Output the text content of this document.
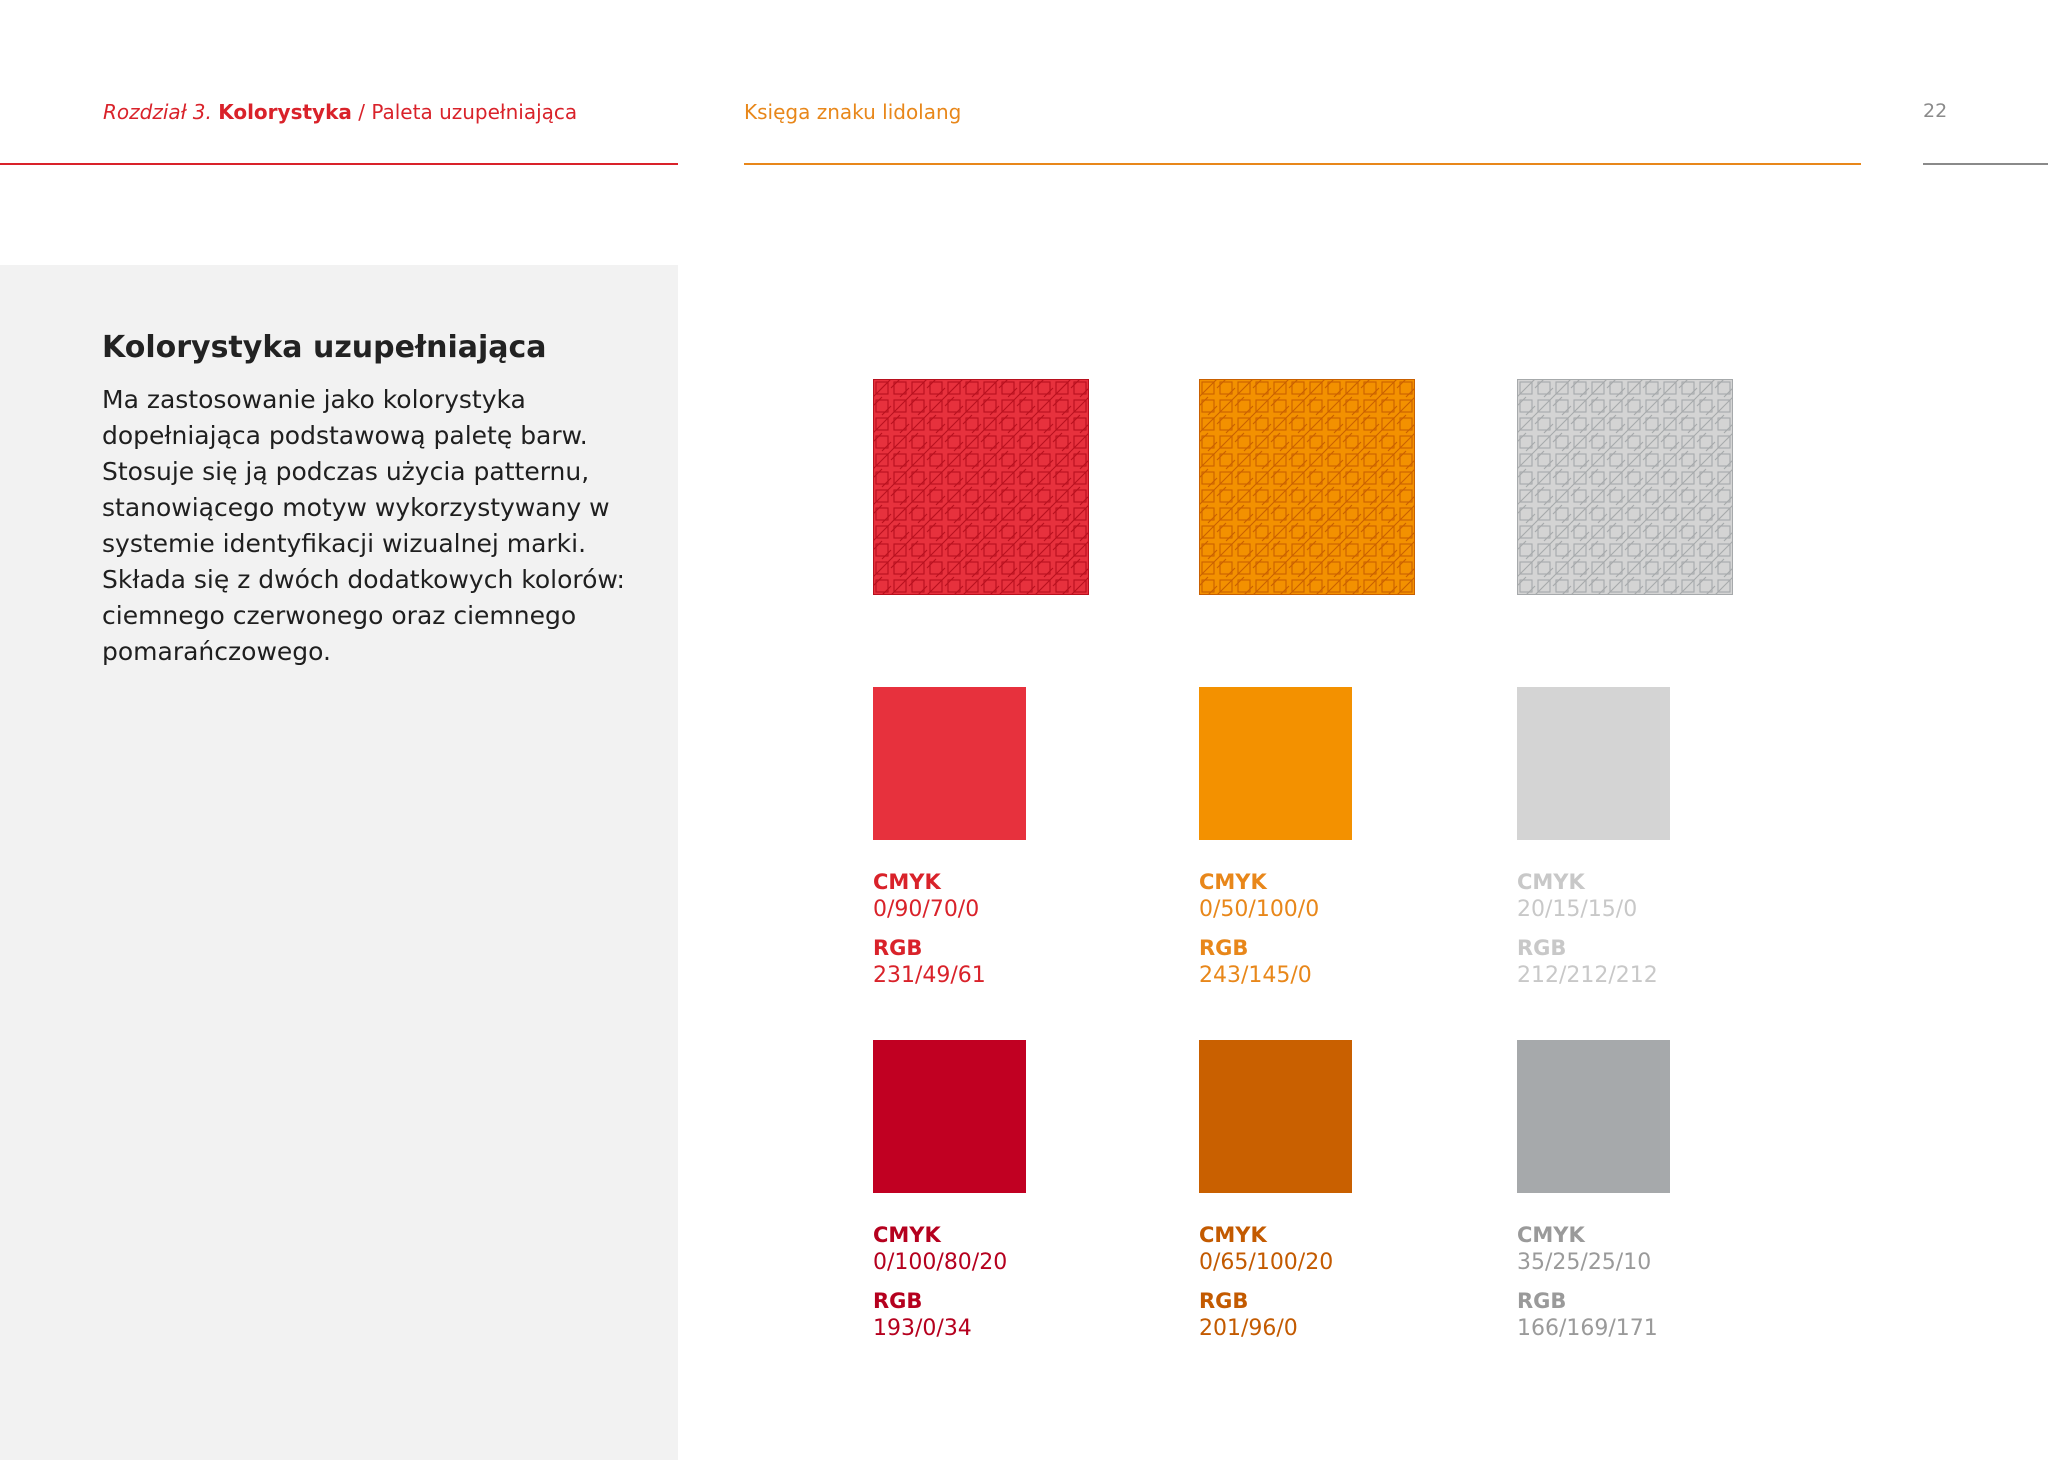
Rozdział 3. Kolorystyka / Paleta uzupełniająca	Księga znaku lidolang	22
Kolorystyka uzupełniająca
Ma zastosowanie jako kolorystyka dopełniająca podstawową paletę barw. Stosuje się ją podczas użycia patternu, stanowiącego motyw wykorzystywany w systemie identyfikacji wizualnej marki. Składa się z dwóch dodatkowych kolorów: ciemnego czerwonego oraz ciemnego pomarańczowego.
CMYK
0/90/70/0
RGB
231/49/61
CMYK
0/50/100/0
RGB
243/145/0
CMYK
20/15/15/0
RGB
212/212/212
CMYK
0/100/80/20
RGB
193/0/34
CMYK
0/65/100/20
RGB
201/96/0
CMYK
35/25/25/10
RGB
166/169/171
